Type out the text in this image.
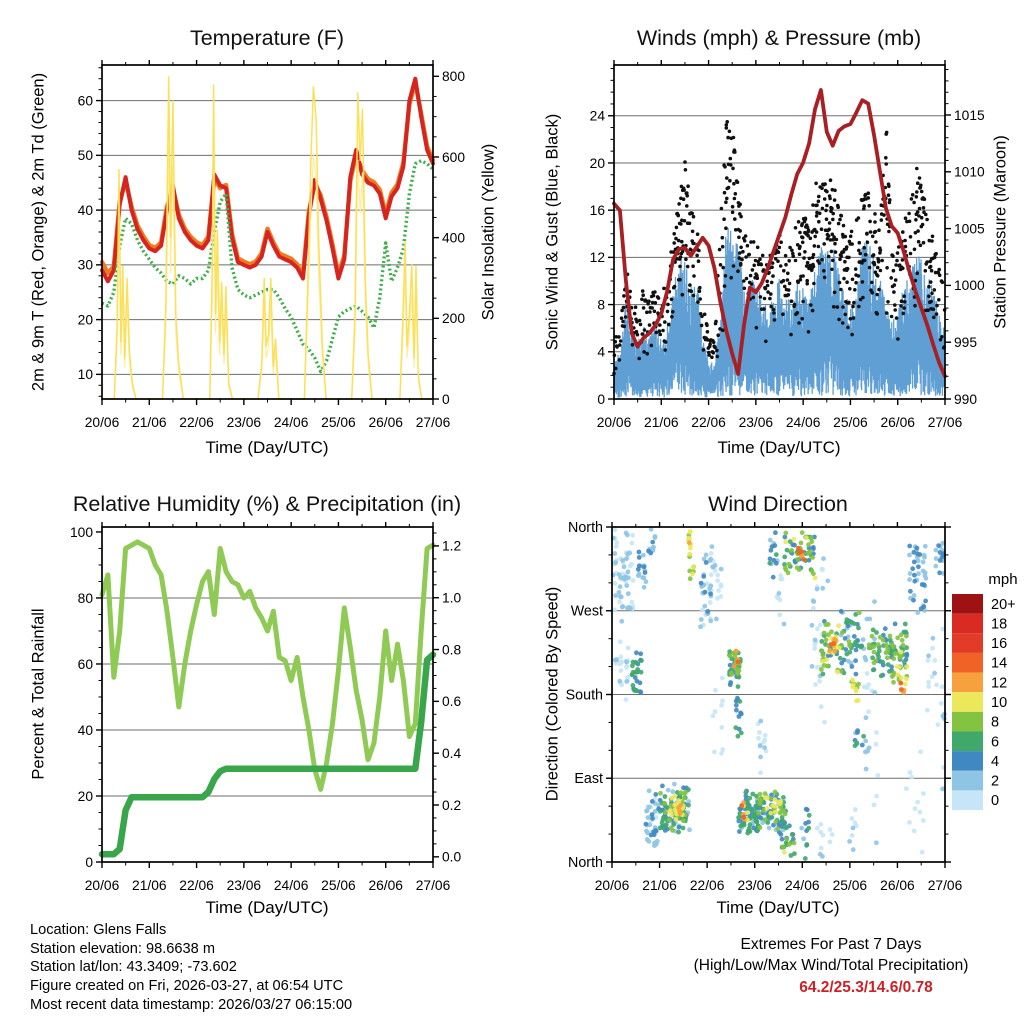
20/06 21/06 22/06 23/06 24/06 25/06 26/06 27/06
10
20
30
40
50
60
0
200
400
600
800
20/06 21/06 22/06 23/06 24/06 25/06 26/06 27/06
0
4
8
12
16
20
24
990
995
1000
1005
1010
1015
20/06 21/06 22/06 23/06 24/06 25/06 26/06 27/06
0
20
40
60
80
100
0.0
0.2
0.4
0.6
0.8
1.0
1.2
20/06 21/06 22/06 23/06 24/06 25/06 26/06 27/06
North
East
South
West
North
20+
18
16
14
12
10
8
6
4
2
0
Temperature (F)	Winds (mph) & Pressure (mb)
Relative Humidity (%) & Precipitation (in)	Wind Direction
Time (Day/UTC)	Time (Day/UTC)
Time (Day/UTC)	Time (Day/UTC)
2m & 9m T (Red, Orange) & 2m Td (Green)	Solar Insolation (Yellow)	Sonic Wind & Gust (Blue, Black)	Station Pressure (Maroon)
Percent & Total Rainfall	Direction (Colored By Speed)
mph
Location: Glens Falls
Station elevation: 98.6638 m
Station lat/lon: 43.3409; -73.602
Figure created on Fri, 2026-03-27, at 06:54 UTC
Most recent data timestamp: 2026/03/27 06:15:00
Extremes For Past 7 Days
(High/Low/Max Wind/Total Precipitation)
64.2/25.3/14.6/0.78
